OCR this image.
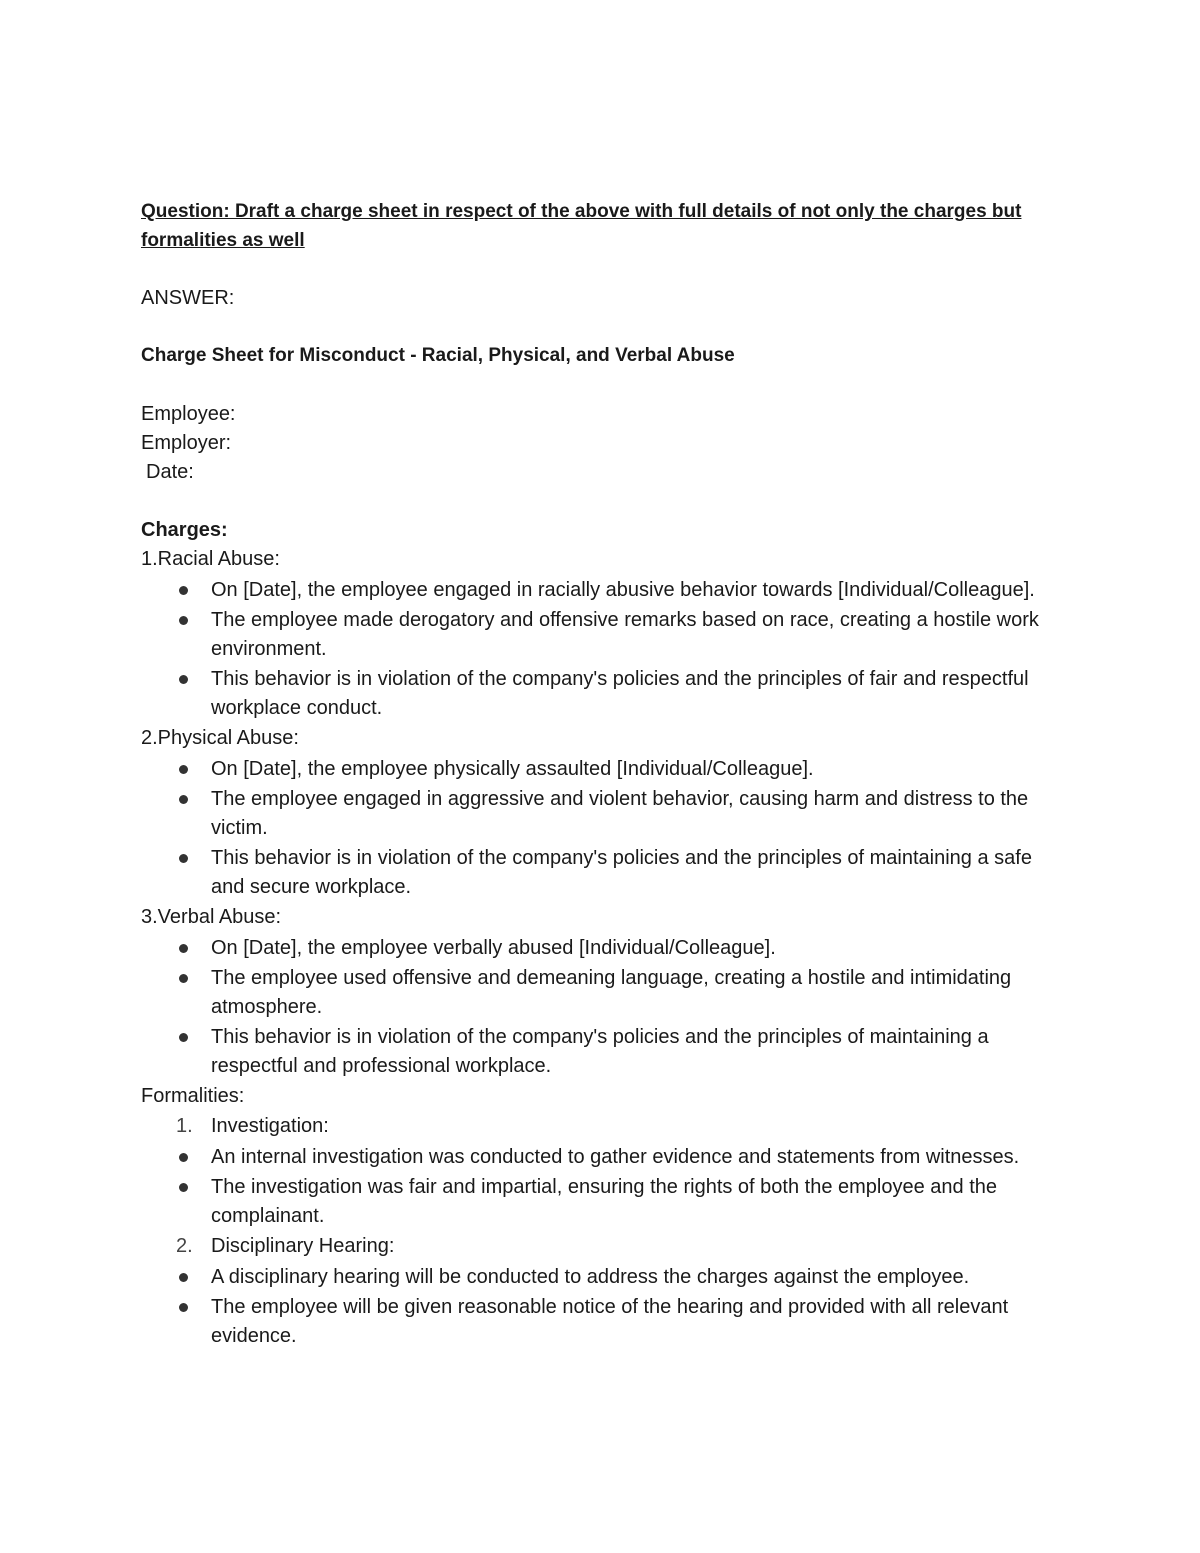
Question: Draft a charge sheet in respect of the above with full details of not only the charges but formalities as well

ANSWER:

Charge Sheet for Misconduct - Racial, Physical, and Verbal Abuse

Employee:
Employer:
Date:
Charges:
1.Racial Abuse:
On [Date], the employee engaged in racially abusive behavior towards [Individual/Colleague].
The employee made derogatory and offensive remarks based on race, creating a hostile work environment.
This behavior is in violation of the company's policies and the principles of fair and respectful workplace conduct.
2.Physical Abuse:
On [Date], the employee physically assaulted [Individual/Colleague].
The employee engaged in aggressive and violent behavior, causing harm and distress to the victim.
This behavior is in violation of the company's policies and the principles of maintaining a safe and secure workplace.
3.Verbal Abuse:
On [Date], the employee verbally abused [Individual/Colleague].
The employee used offensive and demeaning language, creating a hostile and intimidating atmosphere.
This behavior is in violation of the company's policies and the principles of maintaining a respectful and professional workplace.
Formalities:
1. Investigation:
An internal investigation was conducted to gather evidence and statements from witnesses.
The investigation was fair and impartial, ensuring the rights of both the employee and the complainant.
2. Disciplinary Hearing:
A disciplinary hearing will be conducted to address the charges against the employee.
The employee will be given reasonable notice of the hearing and provided with all relevant evidence.
